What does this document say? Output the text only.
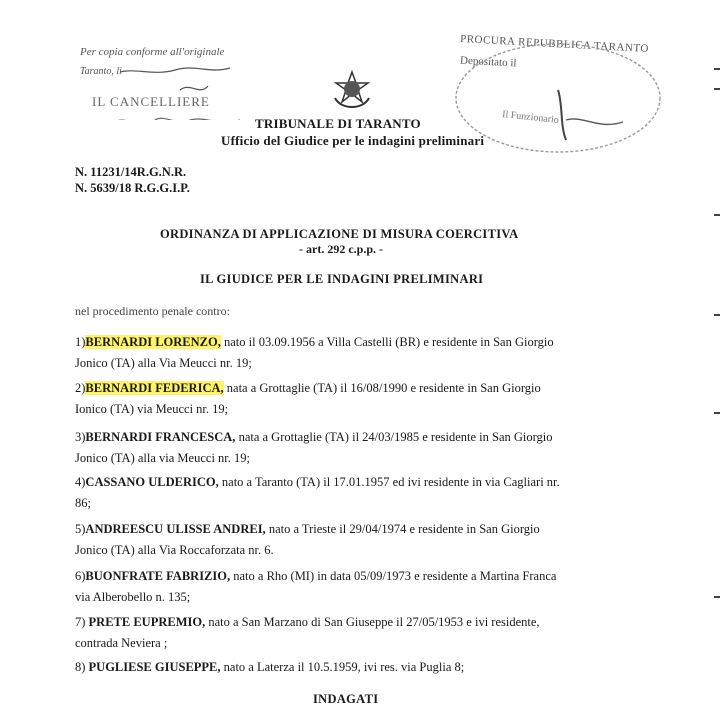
Per copia conforme all'originale
Taranto, li
IL CANCELLIERE
PROCURA REPUBBLICA TARANTO
Depositato il
Il Funzionario
TRIBUNALE DI TARANTO
Ufficio del Giudice per le indagini preliminari
N. 11231/14R.G.N.R.
N. 5639/18 R.G.G.I.P.
ORDINANZA DI APPLICAZIONE DI MISURA COERCITIVA
- art. 292 c.p.p. -
IL GIUDICE PER LE INDAGINI PRELIMINARI
nel procedimento penale contro:
1)BERNARDI LORENZO, nato il 03.09.1956 a Villa Castelli (BR) e residente in San Giorgio
Jonico (TA) alla Via Meucci nr. 19;
2)BERNARDI FEDERICA, nata a Grottaglie (TA) il 16/08/1990 e residente in San Giorgio
Ionico (TA) via Meucci nr. 19;
3)BERNARDI FRANCESCA, nata a Grottaglie (TA) il 24/03/1985 e residente in San Giorgio
Jonico (TA) alla via Meucci nr. 19;
4)CASSANO ULDERICO, nato a Taranto (TA) il 17.01.1957 ed ivi residente in via Cagliari nr.
86;
5)ANDREESCU ULISSE ANDREI, nato a Trieste il 29/04/1974 e residente in San Giorgio
Jonico (TA) alla Via Roccaforzata nr. 6.
6)BUONFRATE FABRIZIO, nato a Rho (MI) in data 05/09/1973 e residente a Martina Franca
via Alberobello n. 135;
7) PRETE EUPREMIO, nato a San Marzano di San Giuseppe il 27/05/1953 e ivi residente,
contrada Neviera ;
8) PUGLIESE GIUSEPPE, nato a Laterza il 10.5.1959, ivi res. via Puglia 8;
INDAGATI
